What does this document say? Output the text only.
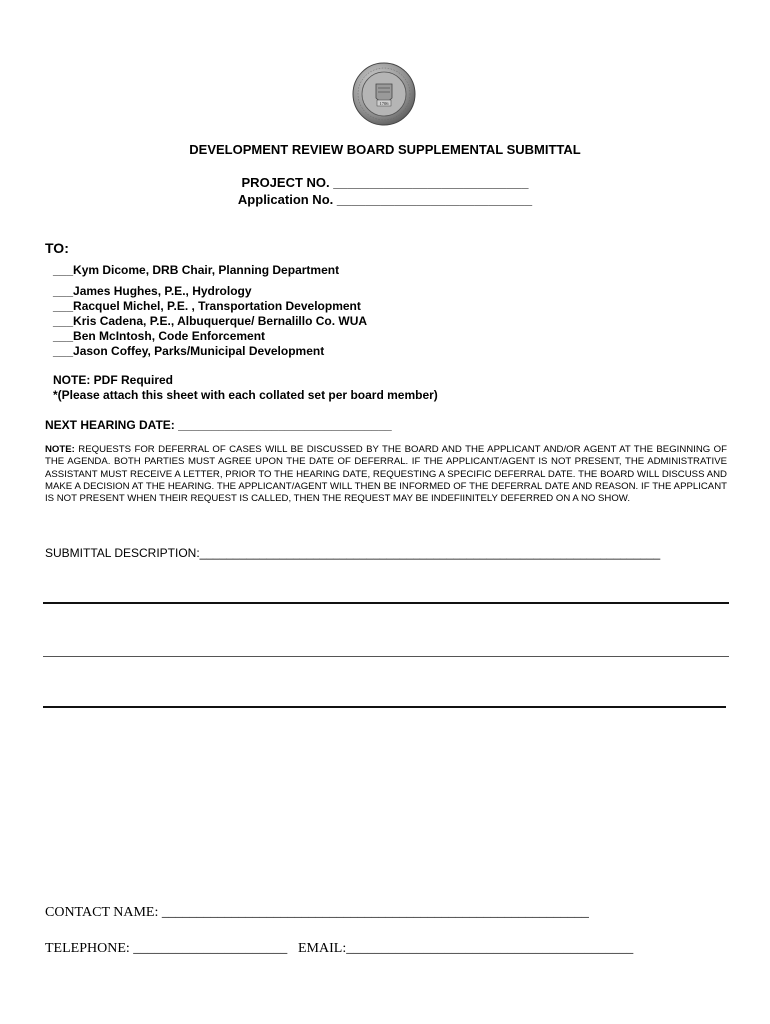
1706
DEVELOPMENT REVIEW BOARD SUPPLEMENTAL SUBMITTAL
PROJECT NO. ___________________________
Application No. ___________________________
TO:
___Kym Dicome, DRB Chair, Planning Department
___James Hughes, P.E., Hydrology
___Racquel Michel, P.E. , Transportation Development
___Kris Cadena, P.E., Albuquerque/ Bernalillo Co. WUA
___Ben McIntosh, Code Enforcement
___Jason Coffey, Parks/Municipal Development
NOTE: PDF Required
*(Please attach this sheet with each collated set per board member)
NEXT HEARING DATE: ________________________________
NOTE: REQUESTS FOR DEFERRAL OF CASES WILL BE DISCUSSED BY THE BOARD AND THE APPLICANT AND/OR AGENT AT THE BEGINNING OF THE AGENDA. BOTH PARTIES MUST AGREE UPON THE DATE OF DEFERRAL. IF THE APPLICANT/AGENT IS NOT PRESENT, THE ADMINISTRATIVE ASSISTANT MUST RECEIVE A LETTER, PRIOR TO THE HEARING DATE, REQUESTING A SPECIFIC DEFERRAL DATE. THE BOARD WILL DISCUSS AND MAKE A DECISION AT THE HEARING. THE APPLICANT/AGENT WILL THEN BE INFORMED OF THE DEFERRAL DATE AND REASON. IF THE APPLICANT IS NOT PRESENT WHEN THEIR REQUEST IS CALLED, THEN THE REQUEST MAY BE INDEFIINITELY DEFERRED ON A NO SHOW.
SUBMITTAL DESCRIPTION:_____________________________________________________________________
CONTACT NAME: _____________________________________________________________
TELEPHONE: ______________________ EMAIL:_________________________________________
